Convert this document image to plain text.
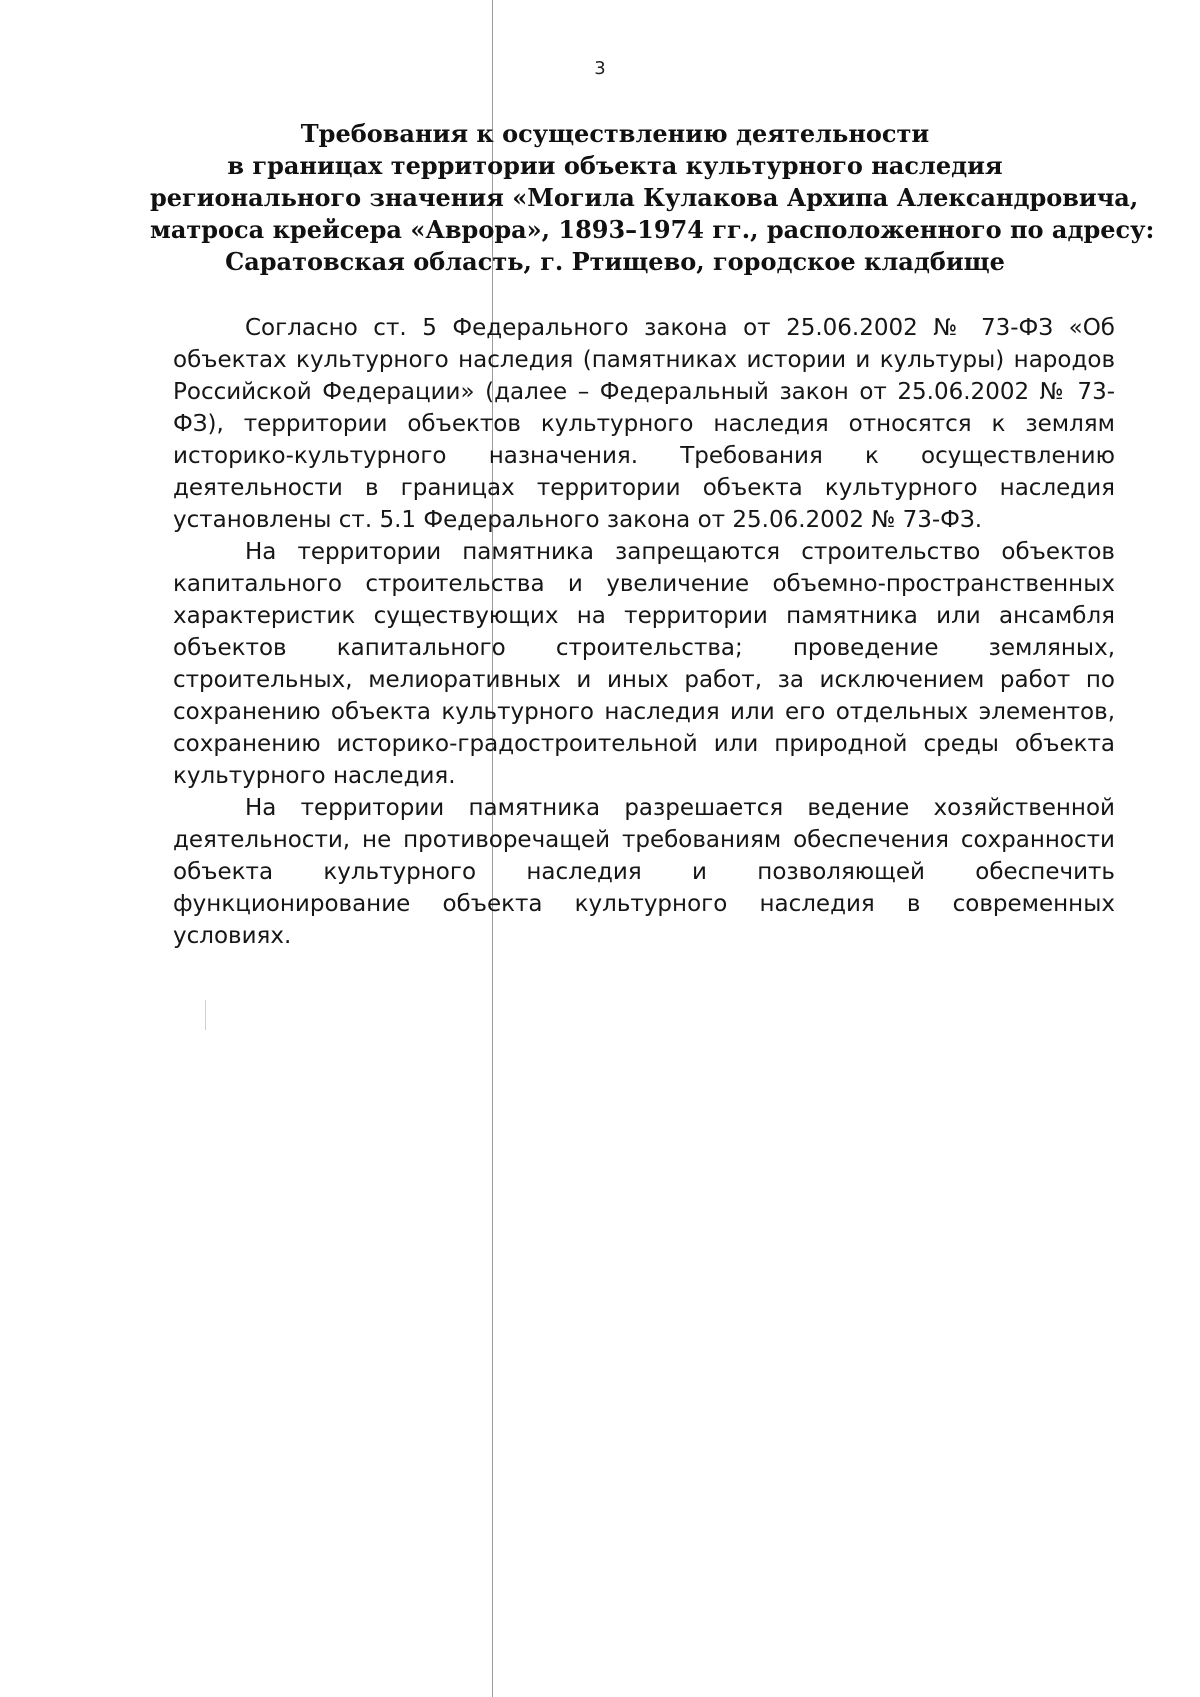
3
Требования к осуществлению деятельности
в границах территории объекта культурного наследия
регионального значения «Могила Кулакова Архипа Александровича,
матроса крейсера «Аврора», 1893–1974 гг., расположенного по адресу:
Саратовская область, г. Ртищево, городское кладбище

Согласно ст. 5 Федерального закона от 25.06.2002 № 73-ФЗ «Об объектах культурного наследия (памятниках истории и культуры) народов Российской Федерации» (далее – Федеральный закон от 25.06.2002 № 73-ФЗ), территории объектов культурного наследия относятся к землям историко-культурного назначения. Требования к осуществлению деятельности в границах территории объекта культурного наследия установлены ст. 5.1 Федерального закона от 25.06.2002 № 73-ФЗ.

На территории памятника запрещаются строительство объектов капитального строительства и увеличение объемно-пространственных характеристик существующих на территории памятника или ансамбля объектов капитального строительства; проведение земляных, строительных, мелиоративных и иных работ, за исключением работ по сохранению объекта культурного наследия или его отдельных элементов, сохранению историко-градостроительной или природной среды объекта культурного наследия.

На территории памятника разрешается ведение хозяйственной деятельности, не противоречащей требованиям обеспечения сохранности объекта культурного наследия и позволяющей обеспечить функционирование объекта культурного наследия в современных условиях.
